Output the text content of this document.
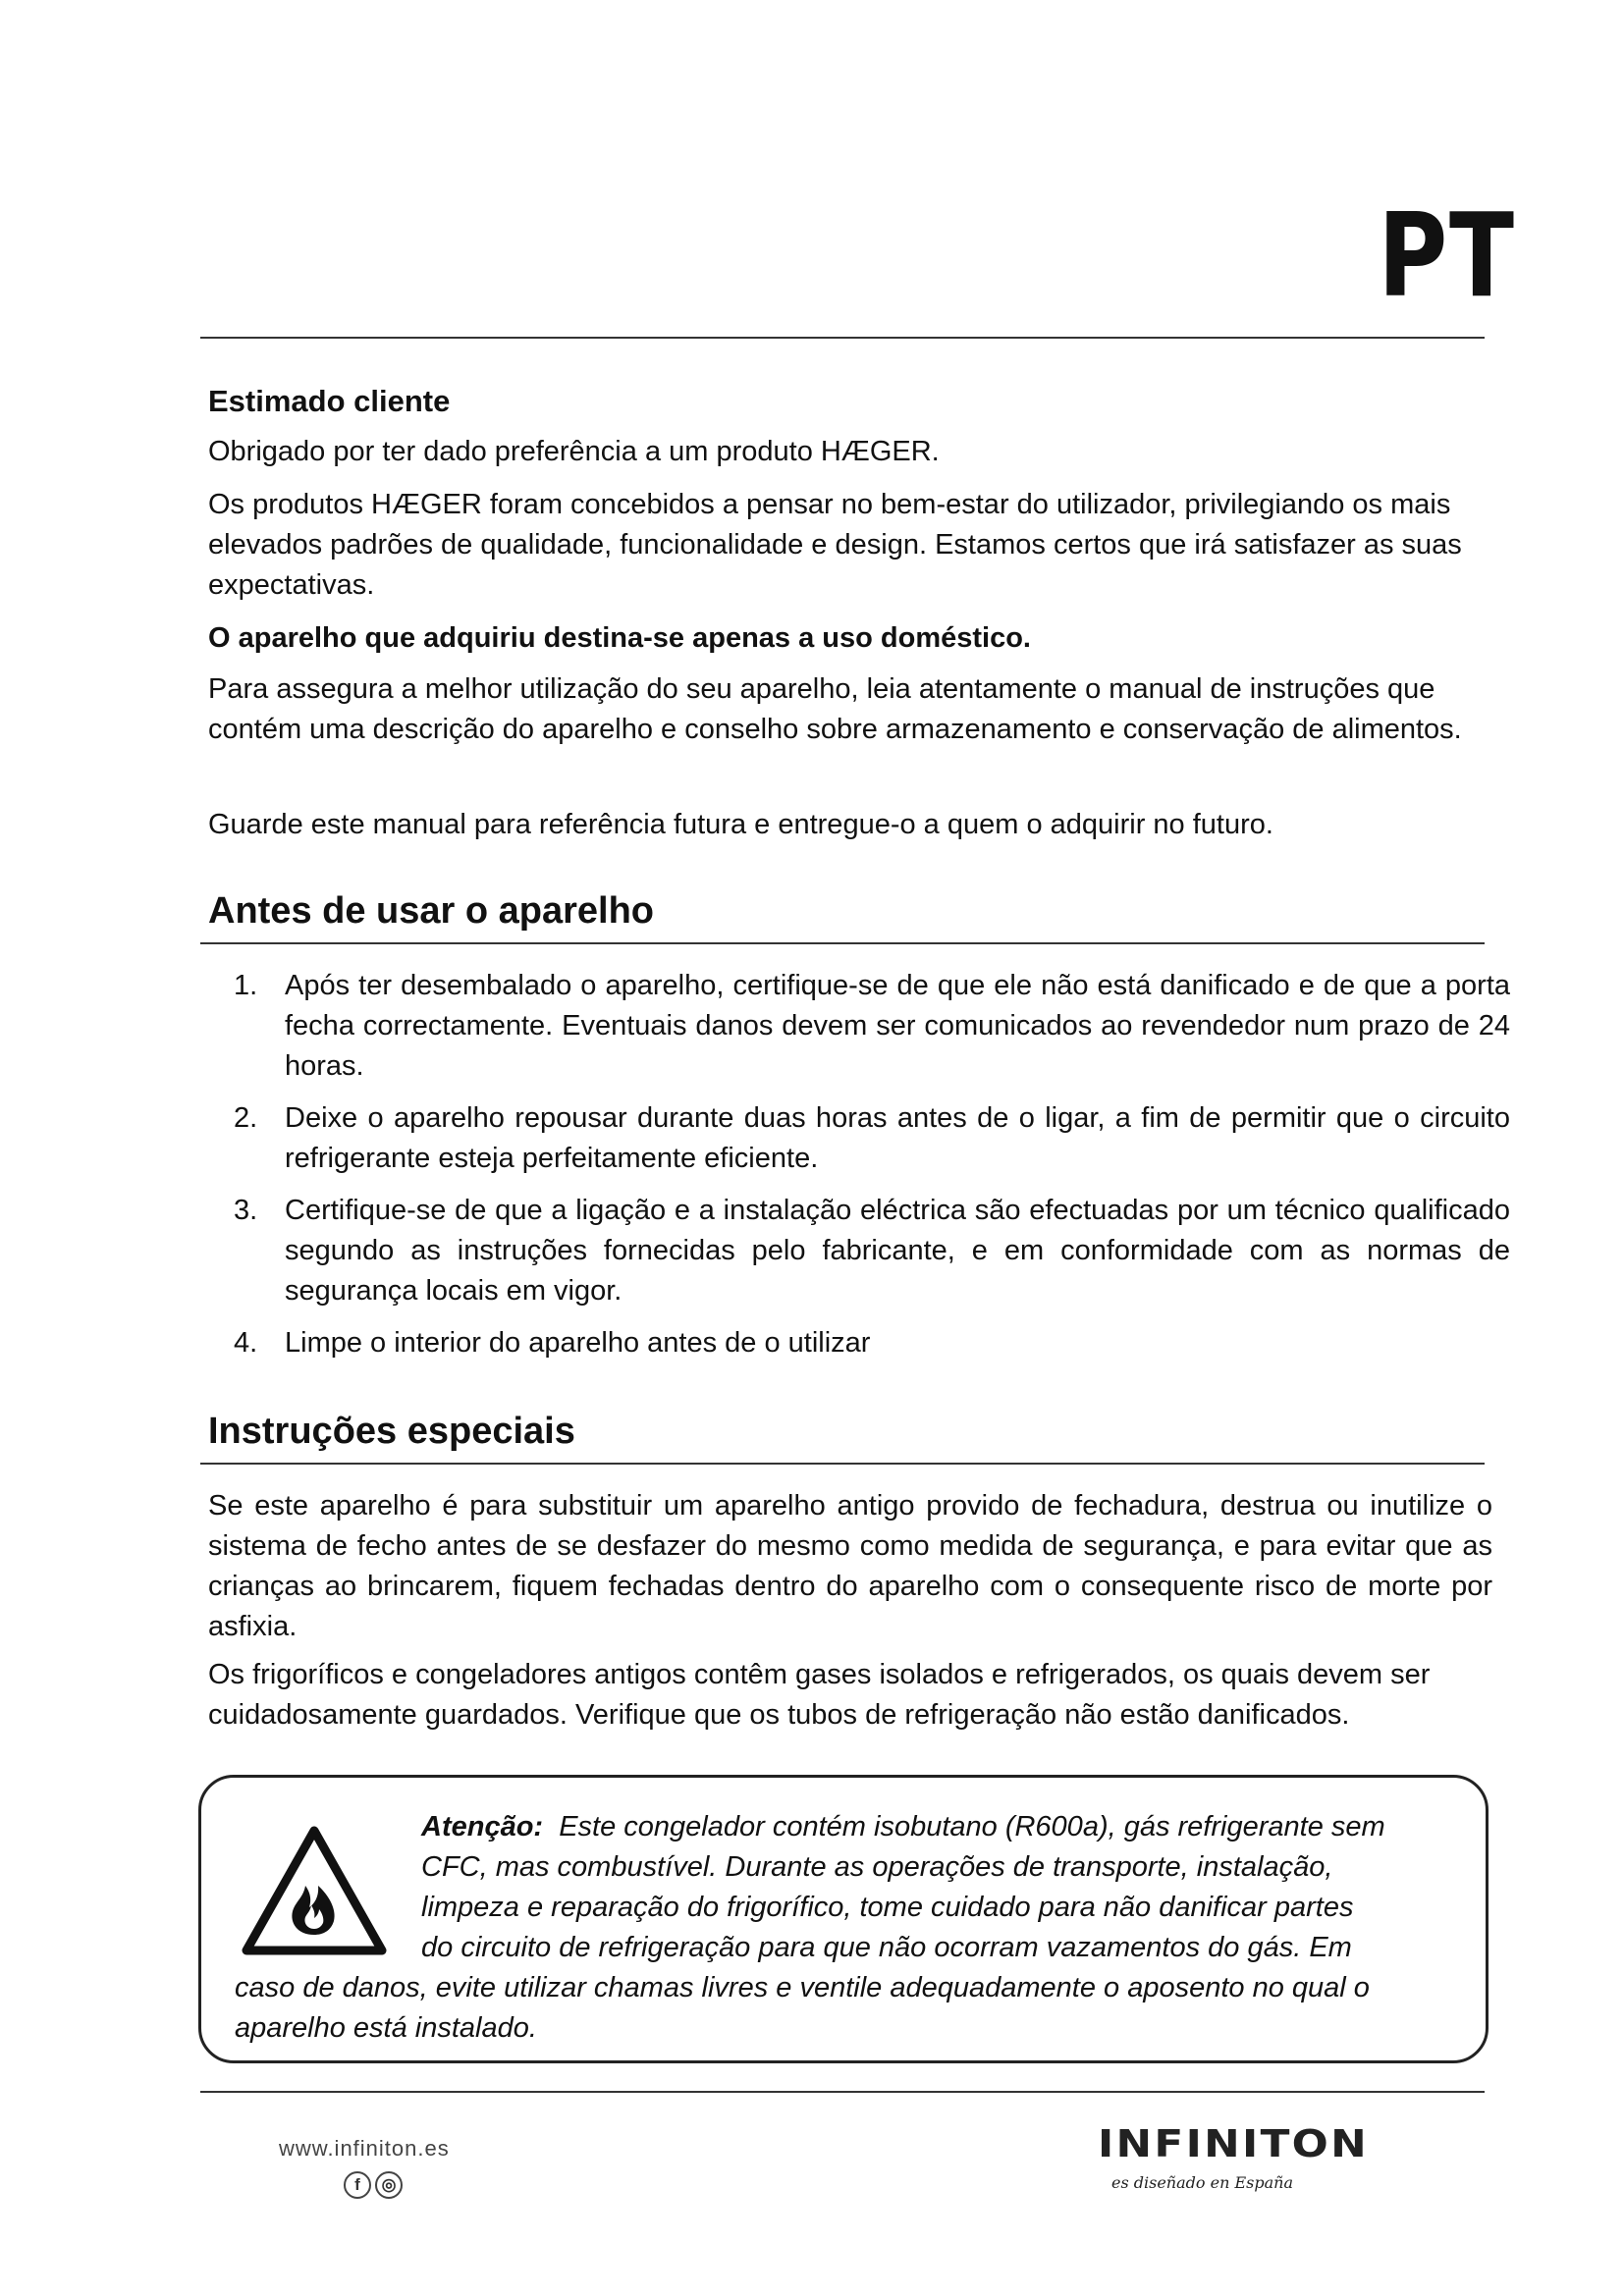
PT
Estimado cliente
Obrigado por ter dado preferência a um produto HÆGER.
Os produtos HÆGER foram concebidos a pensar no bem-estar do utilizador, privilegiando os mais elevados padrões de qualidade, funcionalidade e design. Estamos certos que irá satisfazer as suas expectativas.
O aparelho que adquiriu destina-se apenas a uso doméstico.
Para assegura a melhor utilização do seu aparelho, leia atentamente o manual de instruções que contém uma descrição do aparelho e conselho sobre armazenamento e conservação de alimentos.
Guarde este manual para referência futura e entregue-o a quem o adquirir no futuro.
Antes de usar o aparelho
1. Após ter desembalado o aparelho, certifique-se de que ele não está danificado e de que a porta fecha correctamente. Eventuais danos devem ser comunicados ao revendedor num prazo de 24 horas.
2. Deixe o aparelho repousar durante duas horas antes de o ligar, a fim de permitir que o circuito refrigerante esteja perfeitamente eficiente.
3. Certifique-se de que a ligação e a instalação eléctrica são efectuadas por um técnico qualificado segundo as instruções fornecidas pelo fabricante, e em conformidade com as normas de segurança locais em vigor.
4. Limpe o interior do aparelho antes de o utilizar
Instruções especiais
Se este aparelho é para substituir um aparelho antigo provido de fechadura, destrua ou inutilize o sistema de fecho antes de se desfazer do mesmo como medida de segurança, e para evitar que as crianças ao brincarem, fiquem fechadas dentro do aparelho com o consequente risco de morte por asfixia.
Os frigoríficos e congeladores antigos contêm gases isolados e refrigerados, os quais devem ser cuidadosamente guardados. Verifique que os tubos de refrigeração não estão danificados.
Atenção: Este congelador contém isobutano (R600a), gás refrigerante sem
CFC, mas combustível. Durante as operações de transporte, instalação,
limpeza e reparação do frigorífico, tome cuidado para não danificar partes
do circuito de refrigeração para que não ocorram vazamentos do gás. Em
caso de danos, evite utilizar chamas livres e ventile adequadamente o aposento no qual o
aparelho está instalado.
www.infiniton.es
f	◎
INFINITON
es diseñado en España
